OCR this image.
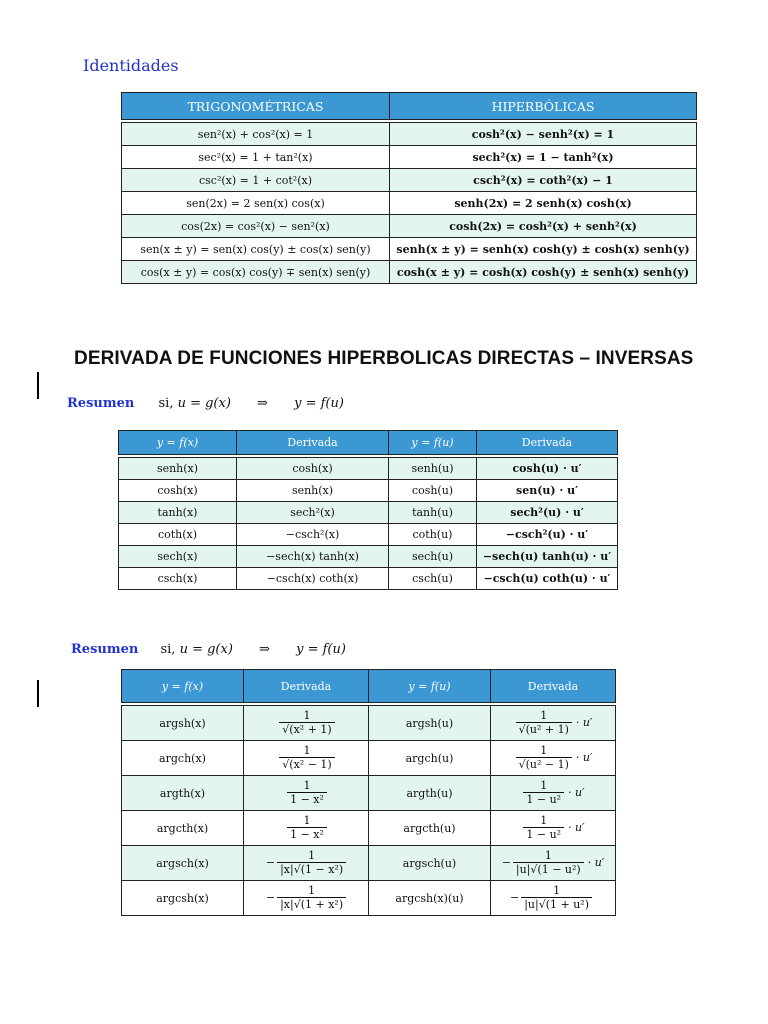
Identidades
TRIGONOMÉTRICAS	HIPERBÓLICAS

sen²(x) + cos²(x) = 1	cosh²(x) − senh²(x) = 1
sec²(x) = 1 + tan²(x)	sech²(x) = 1 − tanh²(x)
csc²(x) = 1 + cot²(x)	csch²(x) = coth²(x) − 1
sen(2x) = 2 sen(x) cos(x)	senh(2x) = 2 senh(x) cosh(x)
cos(2x) = cos²(x) − sen²(x)	cosh(2x) = cosh²(x) + senh²(x)
sen(x ± y) = sen(x) cos(y) ± cos(x) sen(y)	senh(x ± y) = senh(x) cosh(y) ± cosh(x) senh(y)
cos(x ± y) = cos(x) cos(y) ∓ sen(x) sen(y)	cosh(x ± y) = cosh(x) cosh(y) ± senh(x) senh(y)
DERIVADA DE FUNCIONES HIPERBOLICAS DIRECTAS – INVERSAS
Resumen si, u = g(x) ⇒ y = f(u)
y = f(x)	Derivada	y = f(u)	Derivada

senh(x)	cosh(x)	senh(u)	cosh(u) · u′
cosh(x)	senh(x)	cosh(u)	sen(u) · u′
tanh(x)	sech²(x)	tanh(u)	sech²(u) · u′
coth(x)	−csch²(x)	coth(u)	−csch²(u) · u′
sech(x)	−sech(x) tanh(x)	sech(u)	−sech(u) tanh(u) · u′
csch(x)	−csch(x) coth(x)	csch(u)	−csch(u) coth(u) · u′
Resumen si, u = g(x) ⇒ y = f(u)
y = f(x)	Derivada	y = f(u)	Derivada

argsh(x)	$\frac{1}{\text{√(x² + 1)}}$	argsh(u)	$\frac{1}{\text{√(u² + 1)}} \cdot u'$
argch(x)	$\frac{1}{\text{√(x² − 1)}}$	argch(u)	$\frac{1}{\text{√(u² − 1)}} \cdot u'$
argth(x)	$\frac{1}{\text{1 − x²}}$	argth(u)	$\frac{1}{\text{1 − u²}} \cdot u'$
argcth(x)	$\frac{1}{\text{1 − x²}}$	argcth(u)	$\frac{1}{\text{1 − u²}} \cdot u'$
argsch(x)	− $\frac{1}{\text{|x|√(1 − x²)}}$	argsch(u)	− $\frac{1}{\text{|u|√(1 − u²)}} \cdot u'$
argcsh(x)	− $\frac{1}{\text{|x|√(1 + x²)}}$	argcsh(x)(u)	− $\frac{1}{\text{|u|√(1 + u²)}}$
